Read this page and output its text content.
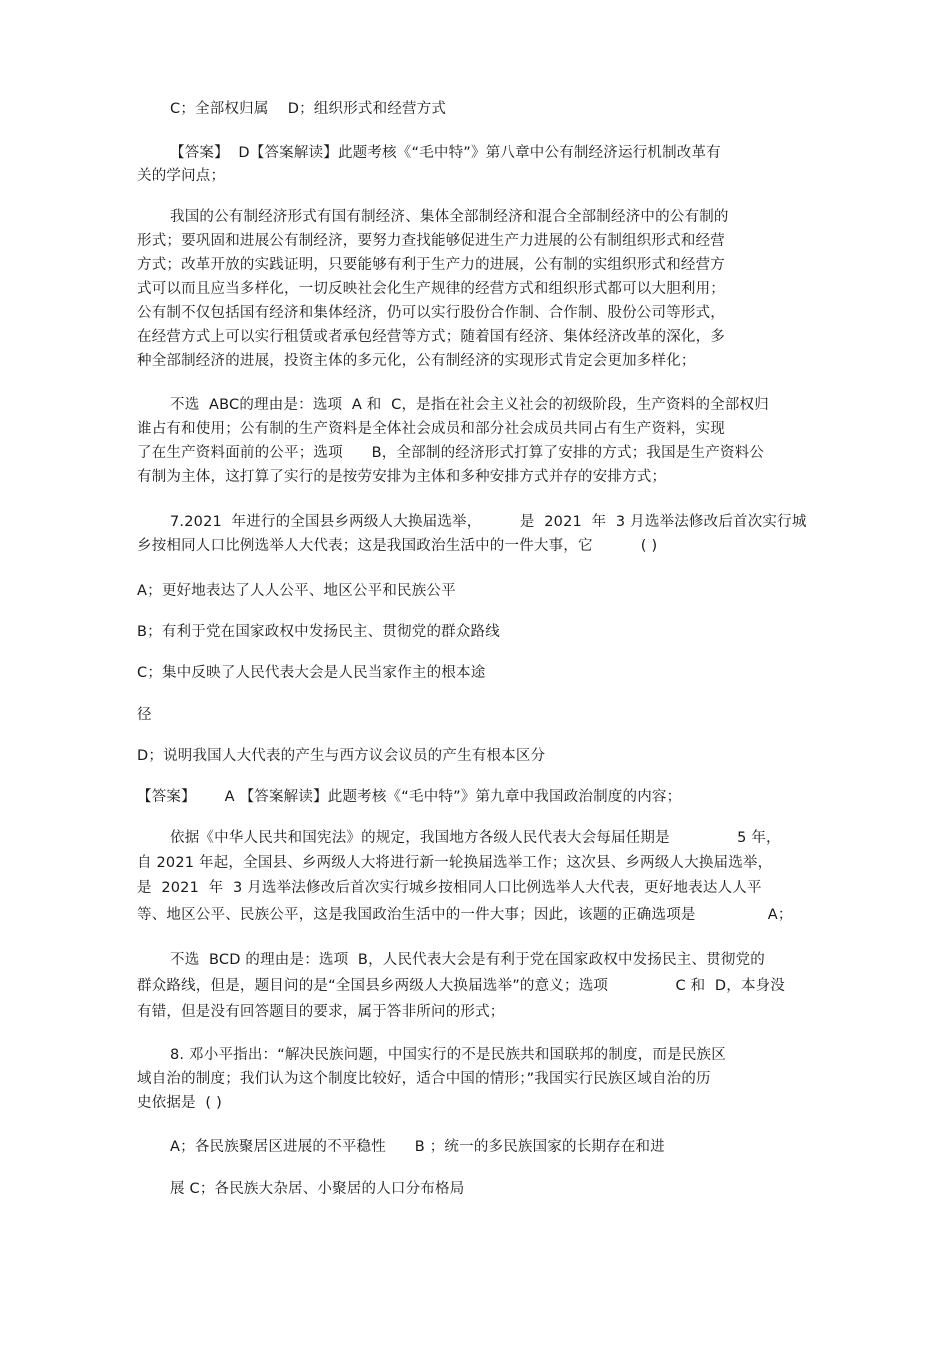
C；全部权归属    D；组织形式和经营方式
【答案】  D【答案解读】此题考核《“毛中特”》第八章中公有制经济运行机制改革有
关的学问点；
我国的公有制经济形式有国有制经济、集体全部制经济和混合全部制经济中的公有制的
形式；要巩固和进展公有制经济，要努力查找能够促进生产力进展的公有制组织形式和经营
方式；改革开放的实践证明，只要能够有利于生产力的进展，公有制的实组织形式和经营方
式可以而且应当多样化，一切反映社会化生产规律的经营方式和组织形式都可以大胆利用；
公有制不仅包括国有经济和集体经济，仍可以实行股份合作制、合作制、股份公司等形式，
在经营方式上可以实行租赁或者承包经营等方式；随着国有经济、集体经济改革的深化，多
种全部制经济的进展，投资主体的多元化，公有制经济的实现形式肯定会更加多样化；
不选  ABC的理由是：选项  A 和  C，是指在社会主义社会的初级阶段，生产资料的全部权归
谁占有和使用；公有制的生产资料是全体社会成员和部分社会成员共同占有生产资料，实现
了在生产资料面前的公平；选项      B，全部制的经济形式打算了安排的方式；我国是生产资料公
有制为主体，这打算了实行的是按劳安排为主体和多种安排方式并存的安排方式；
7.2021  年进行的全国县乡两级人大换届选举，        是  2021  年  3 月选举法修改后首次实行城
乡按相同人口比例选举人大代表；这是我国政治生活中的一件大事，它          ( )
A；更好地表达了人人公平、地区公平和民族公平
B；有利于党在国家政权中发扬民主、贯彻党的群众路线
C；集中反映了人民代表大会是人民当家作主的根本途
径
D；说明我国人大代表的产生与西方议会议员的产生有根本区分
【答案】      A 【答案解读】此题考核《“毛中特”》第九章中我国政治制度的内容；
依据《中华人民共和国宪法》的规定，我国地方各级人民代表大会每届任期是              5 年，
自 2021 年起，全国县、乡两级人大将进行新一轮换届选举工作；这次县、乡两级人大换届选举，
是  2021  年  3 月选举法修改后首次实行城乡按相同人口比例选举人大代表，更好地表达人人平
等、地区公平、民族公平，这是我国政治生活中的一件大事；因此，该题的正确选项是               A；
不选  BCD 的理由是：选项  B，人民代表大会是有利于党在国家政权中发扬民主、贯彻党的
群众路线，但是，题目问的是“全国县乡两级人大换届选举”的意义；选项              C 和  D，本身没
有错，但是没有回答题目的要求，属于答非所问的形式；
8. 邓小平指出：“解决民族问题，中国实行的不是民族共和国联邦的制度，而是民族区
域自治的制度；我们认为这个制度比较好，适合中国的情形；”我国实行民族区域自治的历
史依据是  ( )
A；各民族聚居区进展的不平稳性      B ；统一的多民族国家的长期存在和进
展 C；各民族大杂居、小聚居的人口分布格局
